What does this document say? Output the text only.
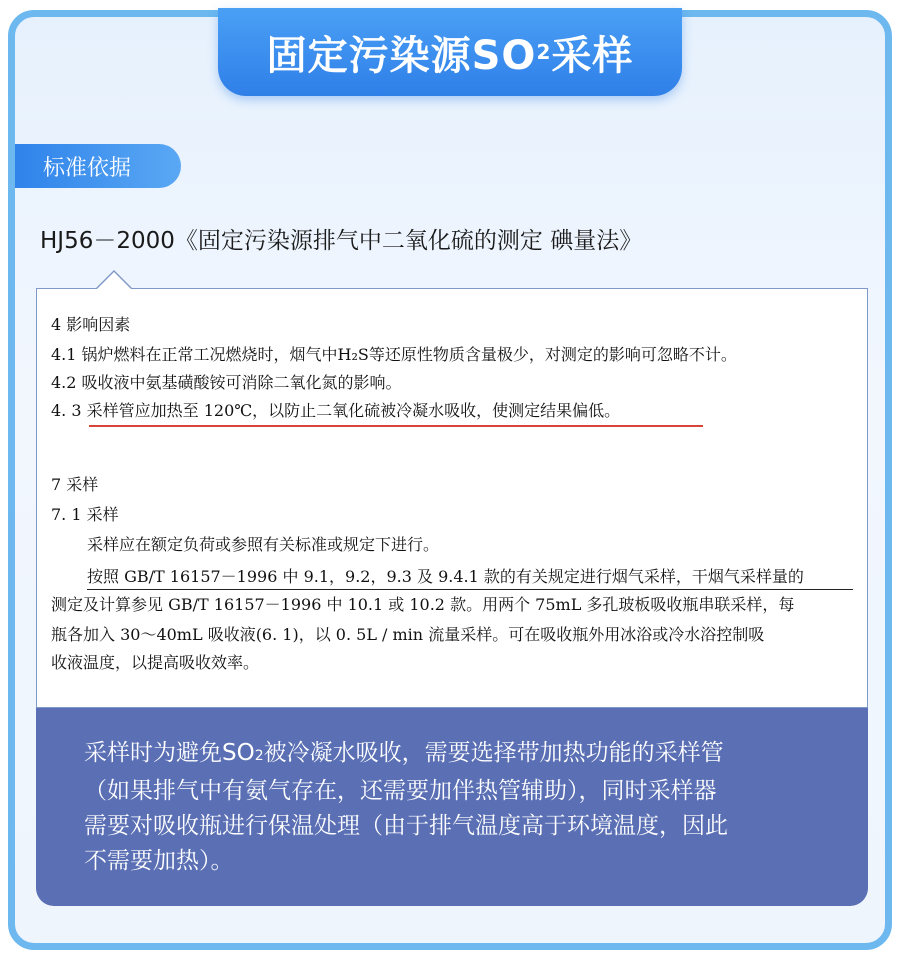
固定污染源SO 2 采样
标准依据
HJ56－2000《固定污染源排气中二氧化硫的测定 碘量法》
4 影响因素
4.1 锅炉燃料在正常工况燃烧时，烟气中H₂S等还原性物质含量极少，对测定的影响可忽略不计。
4.2 吸收液中氨基磺酸铵可消除二氧化氮的影响。
4. 3 采样管应加热至 120℃，以防止二氧化硫被冷凝水吸收，使测定结果偏低。
7 采样
7. 1 采样
采样应在额定负荷或参照有关标准或规定下进行。
按照 GB/T 16157－1996 中 9.1，9.2，9.3 及 9.4.1 款的有关规定进行烟气采样，干烟气采样量的
测定及计算参见 GB/T 16157－1996 中 10.1 或 10.2 款。用两个 75mL 多孔玻板吸收瓶串联采样，每
瓶各加入 30～40mL 吸收液(6. 1)，以 0. 5L / min 流量采样。可在吸收瓶外用冰浴或冷水浴控制吸
收液温度，以提高吸收效率。
采样时为避免SO2被冷凝水吸收，需要选择带加热功能的采样管
（如果排气中有氨气存在，还需要加伴热管辅助），同时采样器
需要对吸收瓶进行保温处理（由于排气温度高于环境温度，因此
不需要加热）。
